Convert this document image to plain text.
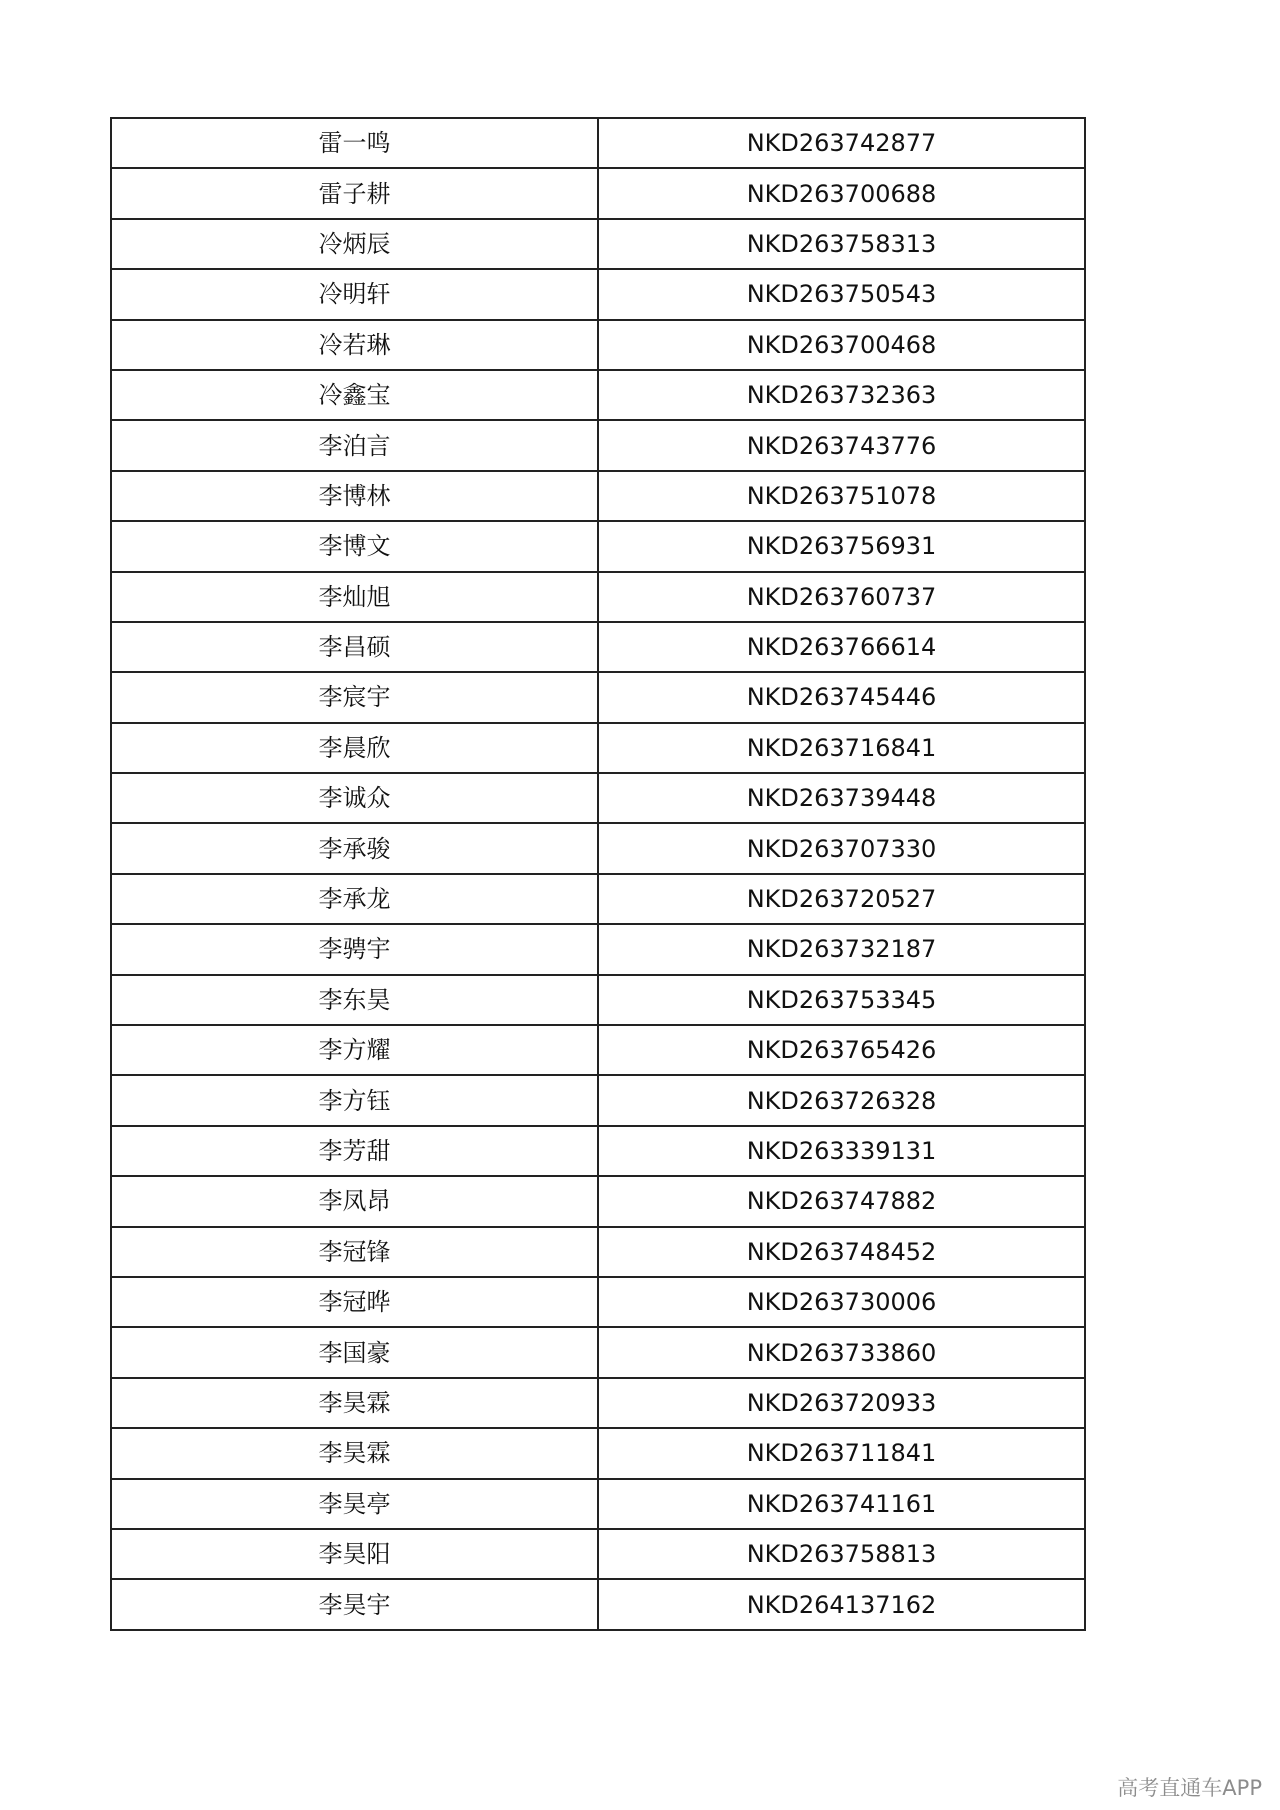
雷一鸣	NKD263742877
雷子耕	NKD263700688
冷炳辰	NKD263758313
冷明轩	NKD263750543
冷若琳	NKD263700468
冷鑫宝	NKD263732363
李泊言	NKD263743776
李博林	NKD263751078
李博文	NKD263756931
李灿旭	NKD263760737
李昌硕	NKD263766614
李宸宇	NKD263745446
李晨欣	NKD263716841
李诚众	NKD263739448
李承骏	NKD263707330
李承龙	NKD263720527
李骋宇	NKD263732187
李东昊	NKD263753345
李方耀	NKD263765426
李方钰	NKD263726328
李芳甜	NKD263339131
李凤昂	NKD263747882
李冠锋	NKD263748452
李冠晔	NKD263730006
李国豪	NKD263733860
李昊霖	NKD263720933
李昊霖	NKD263711841
李昊亭	NKD263741161
李昊阳	NKD263758813
李昊宇	NKD264137162
高考直通车APP
